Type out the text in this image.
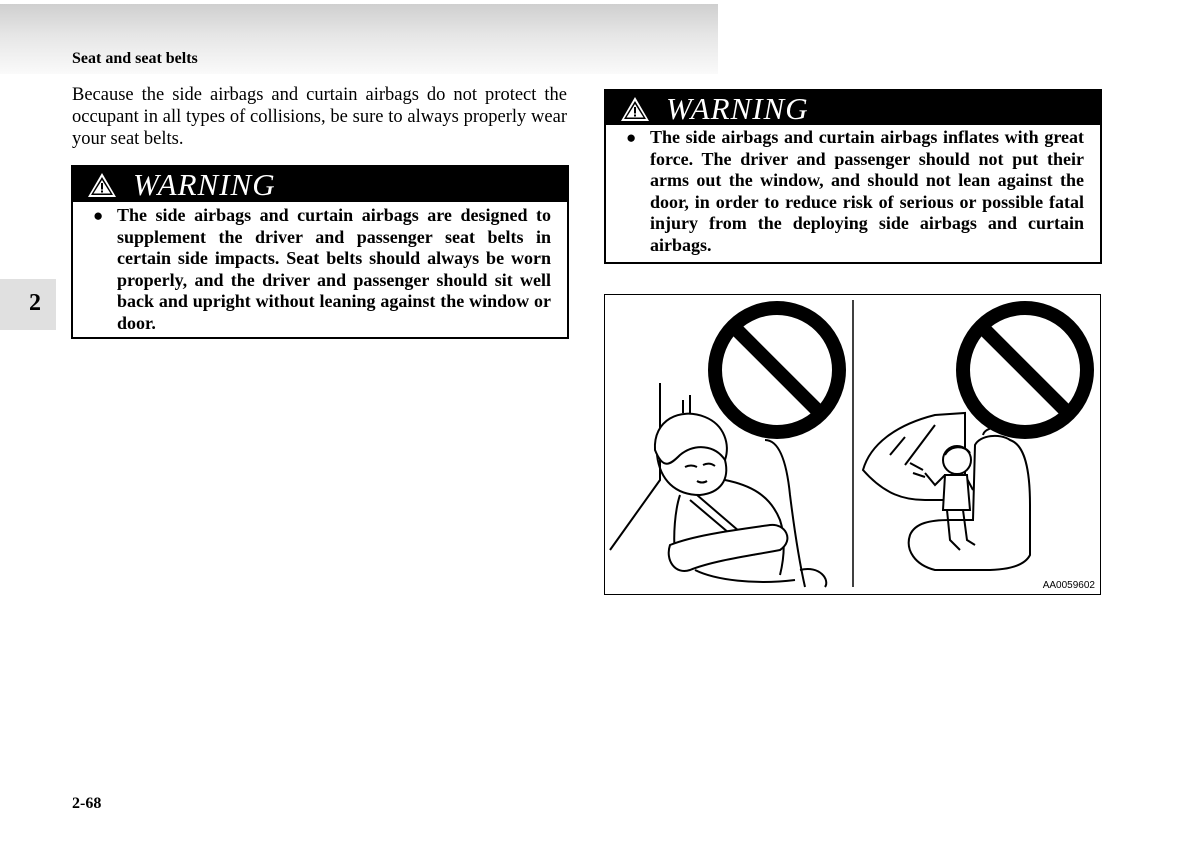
Seat and seat belts
2
Because the side airbags and curtain airbags do not protect the occupant in all types of collisions, be sure to always properly wear your seat belts.
WARNING
● The side airbags and curtain airbags are designed to supplement the driver and passenger seat belts in certain side impacts. Seat belts should always be worn properly, and the driver and passenger should sit well back and upright without leaning against the window or door.
WARNING
● The side airbags and curtain airbags inflates with great force. The driver and passenger should not put their arms out the window, and should not lean against the door, in order to reduce risk of serious or possible fatal injury from the deploying side airbags and curtain airbags.
AA0059602
2-68
